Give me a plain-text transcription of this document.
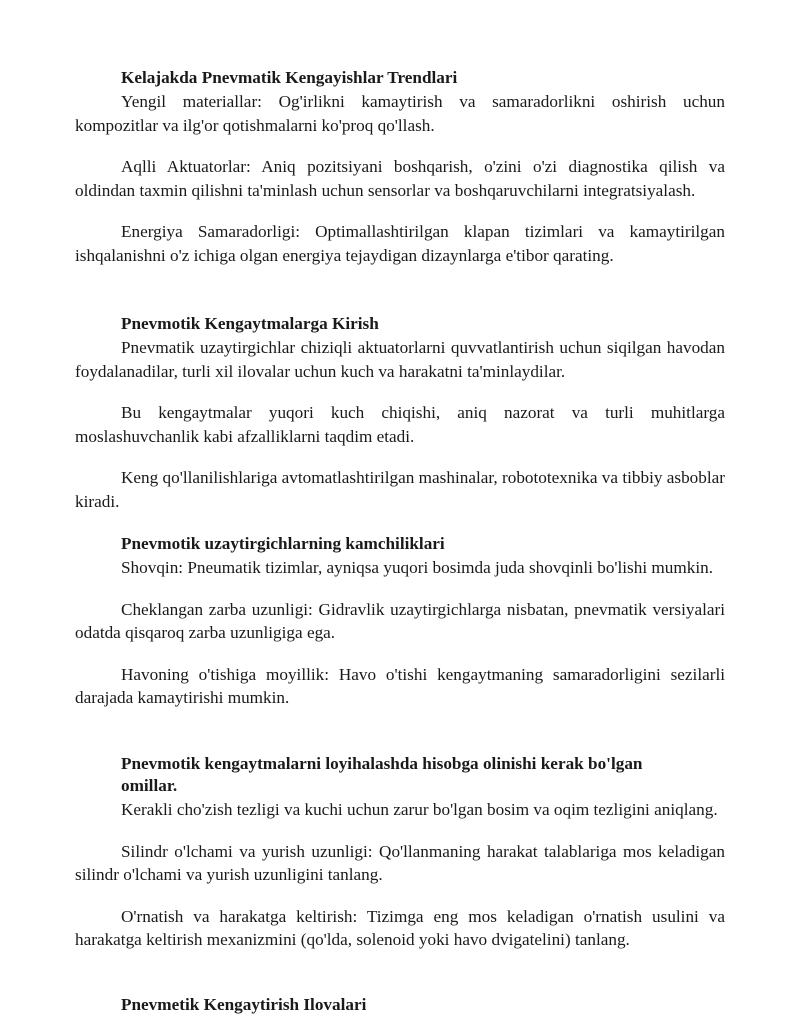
Kelajakda Pnevmatik Kengayishlar Trendlari

Yengil materiallar: Og'irlikni kamaytirish va samaradorlikni oshirish uchun kompozitlar va ilg'or qotishmalarni ko'proq qo'llash.

Aqlli Aktuatorlar: Aniq pozitsiyani boshqarish, o'zini o'zi diagnostika qilish va oldindan taxmin qilishni ta'minlash uchun sensorlar va boshqaruvchilarni integratsiyalash.

Energiya Samaradorligi: Optimallashtirilgan klapan tizimlari va kamaytirilgan ishqalanishni o'z ichiga olgan energiya tejaydigan dizaynlarga e'tibor qarating.

Pnevmotik Kengaytmalarga Kirish

Pnevmatik uzaytirgichlar chiziqli aktuatorlarni quvvatlantirish uchun siqilgan havodan foydalanadilar, turli xil ilovalar uchun kuch va harakatni ta'minlaydilar.

Bu kengaytmalar yuqori kuch chiqishi, aniq nazorat va turli muhitlarga moslashuvchanlik kabi afzalliklarni taqdim etadi.

Keng qo'llanilishlariga avtomatlashtirilgan mashinalar, robototexnika va tibbiy asboblar kiradi.

Pnevmotik uzaytirgichlarning kamchiliklari

Shovqin: Pneumatik tizimlar, ayniqsa yuqori bosimda juda shovqinli bo'lishi mumkin.

Cheklangan zarba uzunligi: Gidravlik uzaytirgichlarga nisbatan, pnevmatik versiyalari odatda qisqaroq zarba uzunligiga ega.

Havoning o'tishiga moyillik: Havo o'tishi kengaytmaning samaradorligini sezilarli darajada kamaytirishi mumkin.

Pnevmotik kengaytmalarni loyihalashda hisobga olinishi kerak bo'lgan omillar.

Kerakli cho'zish tezligi va kuchi uchun zarur bo'lgan bosim va oqim tezligini aniqlang.

Silindr o'lchami va yurish uzunligi: Qo'llanmaning harakat talablariga mos keladigan silindr o'lchami va yurish uzunligini tanlang.

O'rnatish va harakatga keltirish: Tizimga eng mos keladigan o'rnatish usulini va harakatga keltirish mexanizmini (qo'lda, solenoid yoki havo dvigatelini) tanlang.

Pnevmetik Kengaytirish Ilovalari
